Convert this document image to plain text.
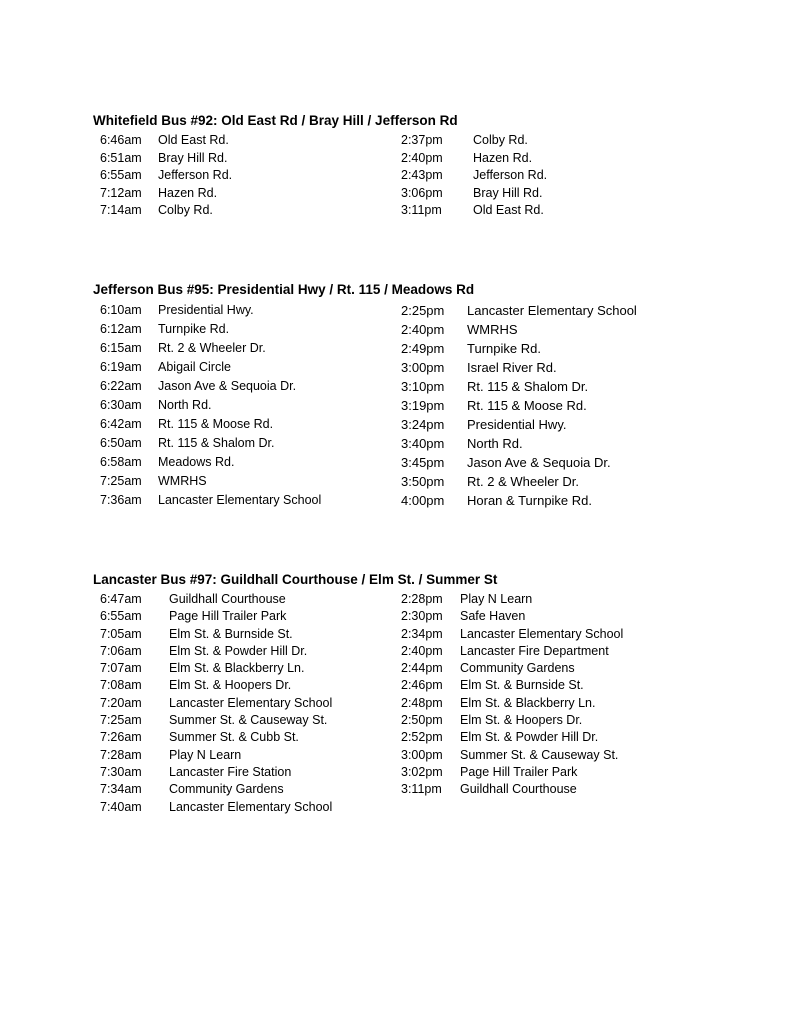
Whitefield Bus #92: Old East Rd / Bray Hill / Jefferson Rd
6:46am Old East Rd.
6:51am Bray Hill Rd.
6:55am Jefferson Rd.
7:12am Hazen Rd.
7:14am Colby Rd.
2:37pm Colby Rd.
2:40pm Hazen Rd.
2:43pm Jefferson Rd.
3:06pm Bray Hill Rd.
3:11pm Old East Rd.
Jefferson Bus #95: Presidential Hwy / Rt. 115 / Meadows Rd
6:10am Presidential Hwy.
6:12am Turnpike Rd.
6:15am Rt. 2 & Wheeler Dr.
6:19am Abigail Circle
6:22am Jason Ave & Sequoia Dr.
6:30am North Rd.
6:42am Rt. 115 & Moose Rd.
6:50am Rt. 115 & Shalom Dr.
6:58am Meadows Rd.
7:25am WMRHS
7:36am Lancaster Elementary School
2:25pm Lancaster Elementary School
2:40pm WMRHS
2:49pm Turnpike Rd.
3:00pm Israel River Rd.
3:10pm Rt. 115 & Shalom Dr.
3:19pm Rt. 115 & Moose Rd.
3:24pm Presidential Hwy.
3:40pm North Rd.
3:45pm Jason Ave & Sequoia Dr.
3:50pm Rt. 2 & Wheeler Dr.
4:00pm Horan & Turnpike Rd.
Lancaster Bus #97: Guildhall Courthouse / Elm St. / Summer St
6:47am Guildhall Courthouse
6:55am Page Hill Trailer Park
7:05am Elm St. & Burnside St.
7:06am Elm St. & Powder Hill Dr.
7:07am Elm St. & Blackberry Ln.
7:08am Elm St. & Hoopers Dr.
7:20am Lancaster Elementary School
7:25am Summer St. & Causeway St.
7:26am Summer St. & Cubb St.
7:28am Play N Learn
7:30am Lancaster Fire Station
7:34am Community Gardens
7:40am Lancaster Elementary School
2:28pm Play N Learn
2:30pm Safe Haven
2:34pm Lancaster Elementary School
2:40pm Lancaster Fire Department
2:44pm Community Gardens
2:46pm Elm St. & Burnside St.
2:48pm Elm St. & Blackberry Ln.
2:50pm Elm St. & Hoopers Dr.
2:52pm Elm St. & Powder Hill Dr.
3:00pm Summer St. & Causeway St.
3:02pm Page Hill Trailer Park
3:11pm Guildhall Courthouse
